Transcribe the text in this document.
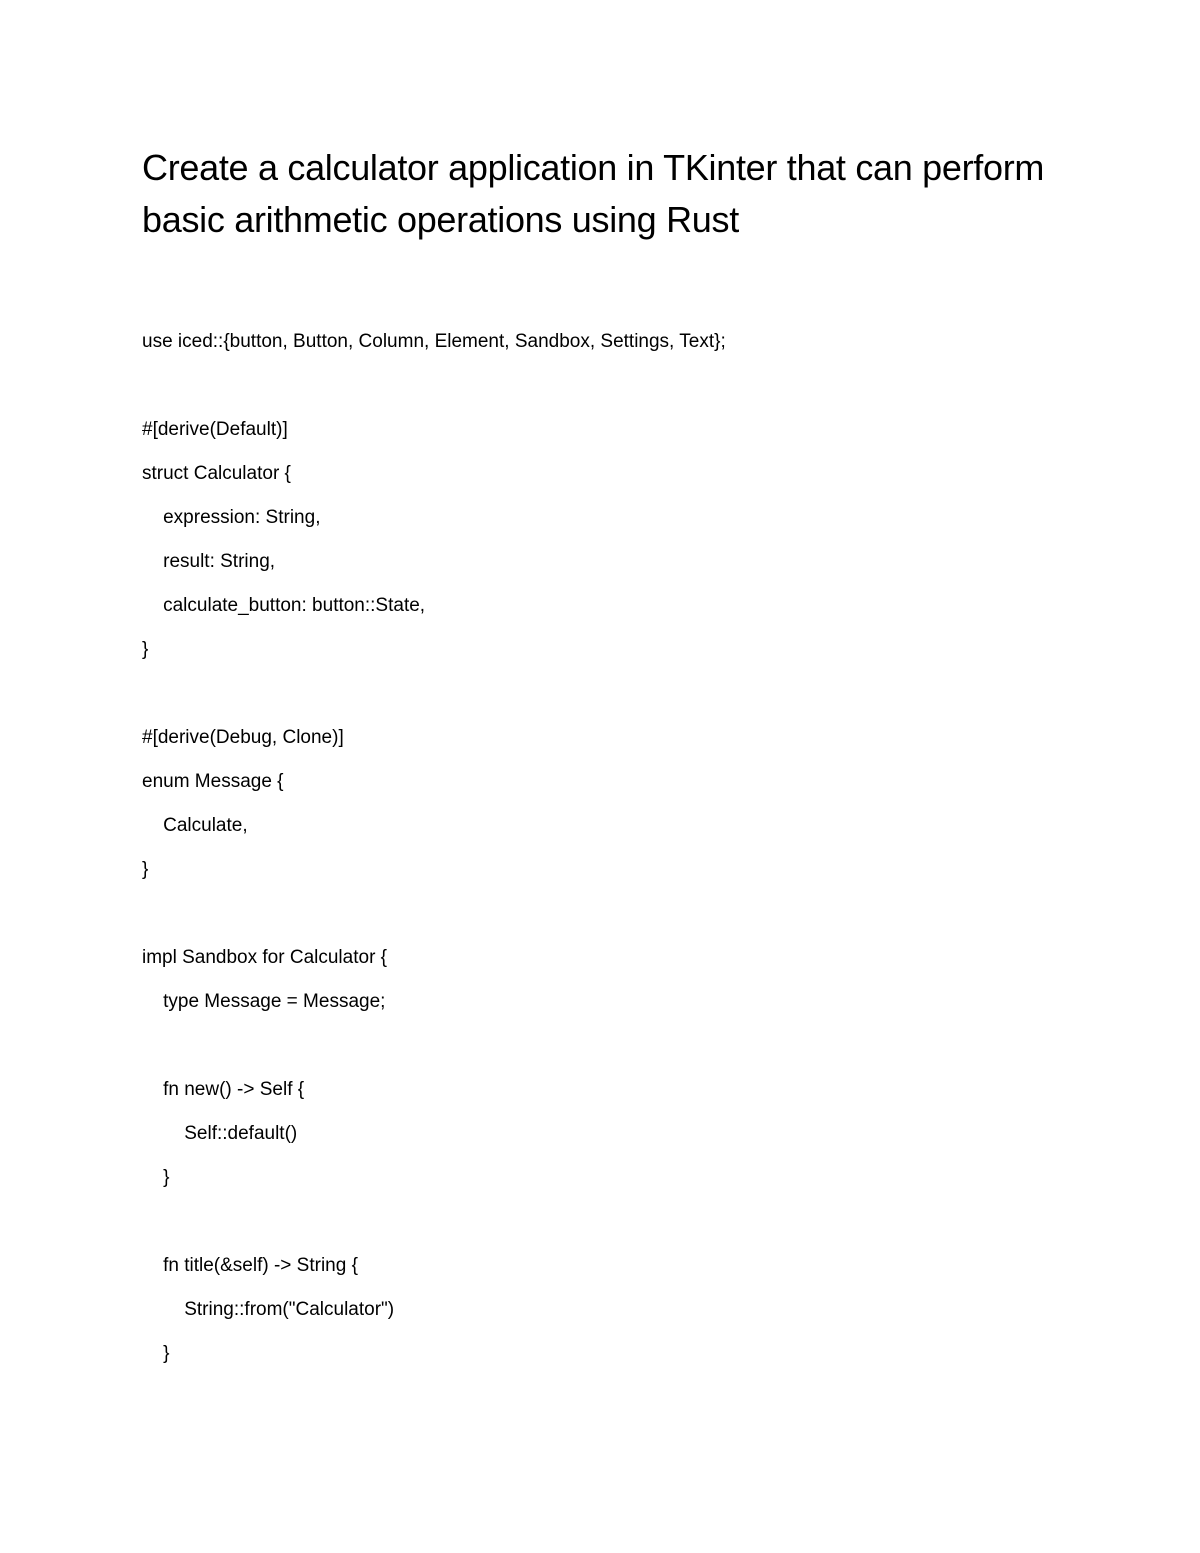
Create a calculator application in TKinter that can perform basic arithmetic operations using Rust
use iced::{button, Button, Column, Element, Sandbox, Settings, Text};
#[derive(Default)]
struct Calculator {
expression: String,
result: String,
calculate_button: button::State,
}
#[derive(Debug, Clone)]
enum Message {
Calculate,
}
impl Sandbox for Calculator {
type Message = Message;
fn new() -> Self {
Self::default()
}
fn title(&self) -> String {
String::from("Calculator")
}
